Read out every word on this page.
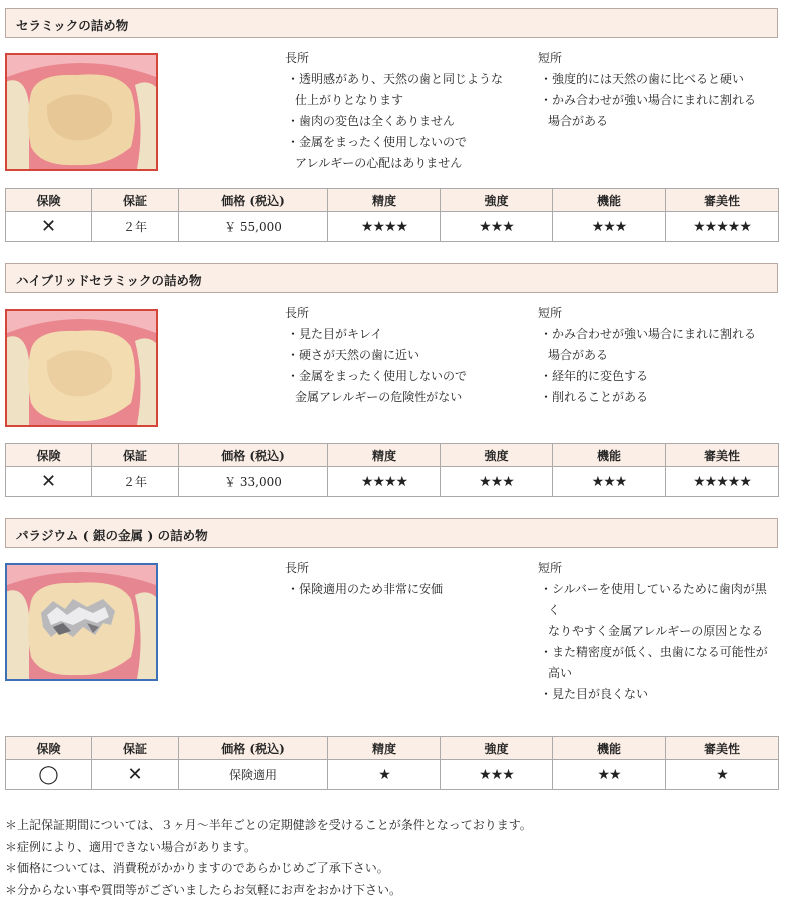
セラミックの詰め物
長所
・透明感があり、天然の歯と同じような
仕上がりとなります
・歯肉の変色は全くありません
・金属をまったく使用しないので
アレルギーの心配はありません
短所
・強度的には天然の歯に比べると硬い
・かみ合わせが強い場合にまれに割れる
場合がある
保険	保証	価格 (税込)	精度	強度	機能	審美性
✕	２年	￥ 55,000	★★★★	★★★	★★★	★★★★★
ハイブリッドセラミックの詰め物
長所
・見た目がキレイ
・硬さが天然の歯に近い
・金属をまったく使用しないので
金属アレルギーの危険性がない
短所
・かみ合わせが強い場合にまれに割れる
場合がある
・経年的に変色する
・削れることがある
保険	保証	価格 (税込)	精度	強度	機能	審美性
✕	２年	￥ 33,000	★★★★	★★★	★★★	★★★★★
パラジウム ( 銀の金属 ) の詰め物
長所
・保険適用のため非常に安価
短所
・シルバーを使用しているために歯肉が黒く
なりやすく金属アレルギーの原因となる
・また精密度が低く、虫歯になる可能性が
高い
・見た目が良くない
保険	保証	価格 (税込)	精度	強度	機能	審美性
◯	✕	保険適用	★	★★★	★★	★
＊上記保証期間については、３ヶ月〜半年ごとの定期健診を受けることが条件となっております。
＊症例により、適用できない場合があります。
＊価格については、消費税がかかりますのであらかじめご了承下さい。
＊分からない事や質問等がございましたらお気軽にお声をおかけ下さい。
